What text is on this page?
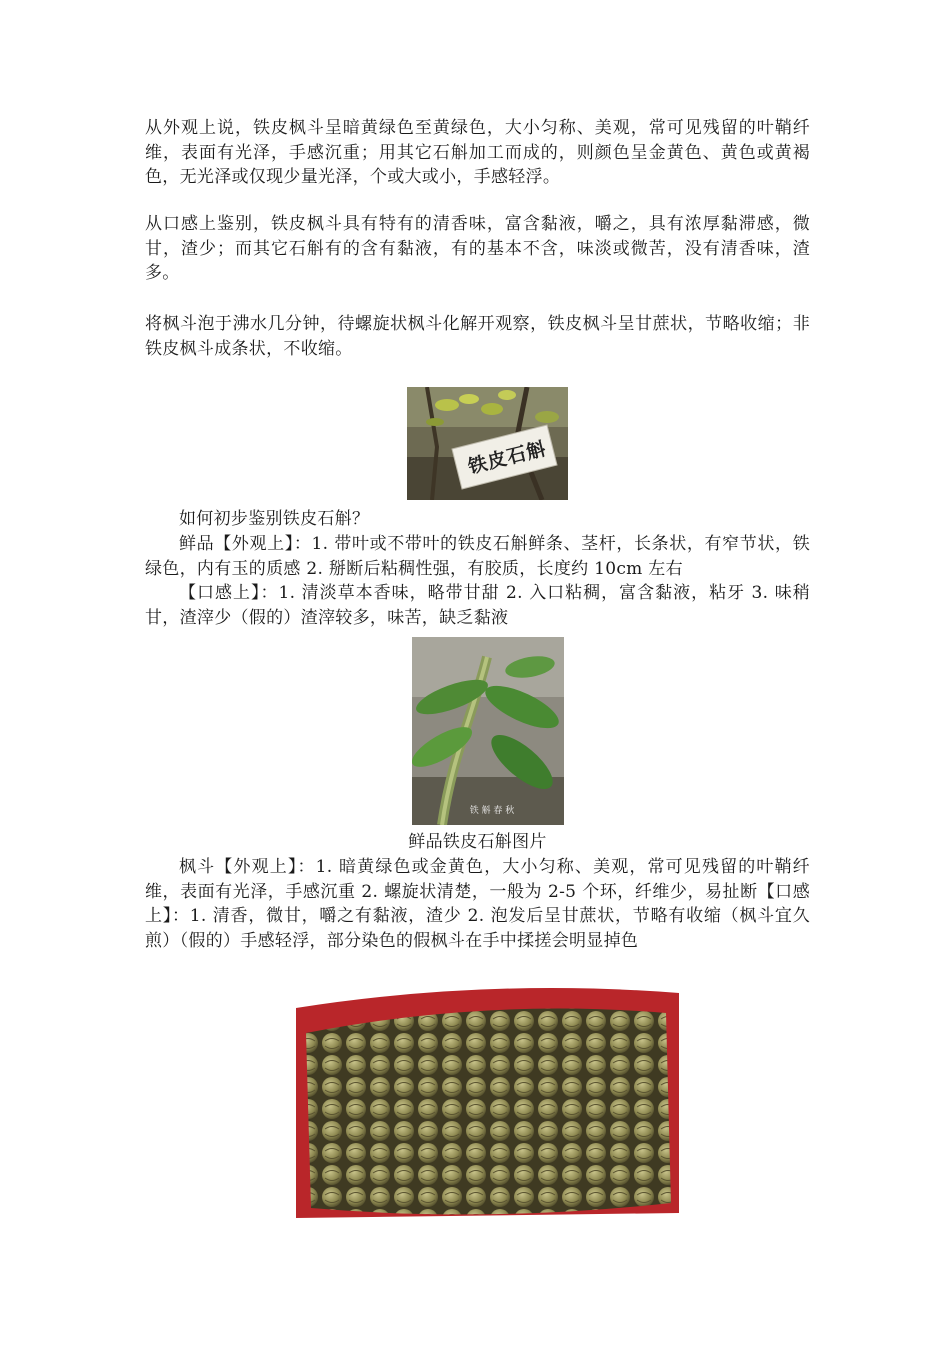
从外观上说，铁皮枫斗呈暗黄绿色至黄绿色，大小匀称、美观，常可见残留的叶鞘纤维，表面有光泽，手感沉重；用其它石斛加工而成的，则颜色呈金黄色、黄色或黄褐色，无光泽或仅现少量光泽，个或大或小，手感轻浮。

从口感上鉴别，铁皮枫斗具有特有的清香味，富含黏液，嚼之，具有浓厚黏滞感，微甘，渣少；而其它石斛有的含有黏液，有的基本不含，味淡或微苦，没有清香味，渣多。

将枫斗泡于沸水几分钟，待螺旋状枫斗化解开观察，铁皮枫斗呈甘蔗状，节略收缩；非铁皮枫斗成条状，不收缩。

铁皮石斛

如何初步鉴别铁皮石斛？

鲜品【外观上】：1. 带叶或不带叶的铁皮石斛鲜条、茎杆，长条状，有窄节状，铁绿色，内有玉的质感 2. 掰断后粘稠性强，有胶质，长度约 10cm 左右

【口感上】：1. 清淡草本香味，略带甘甜 2. 入口粘稠，富含黏液，粘牙 3. 味稍甘，渣滓少（假的）渣滓较多，味苦，缺乏黏液

铁 斛 春 秋

鲜品铁皮石斛图片

枫斗【外观上】：1. 暗黄绿色或金黄色，大小匀称、美观，常可见残留的叶鞘纤维，表面有光泽，手感沉重 2. 螺旋状清楚，一般为 2-5 个环，纤维少，易扯断【口感上】：1. 清香，微甘，嚼之有黏液，渣少 2. 泡发后呈甘蔗状，节略有收缩（枫斗宜久煎）（假的）手感轻浮，部分染色的假枫斗在手中揉搓会明显掉色
